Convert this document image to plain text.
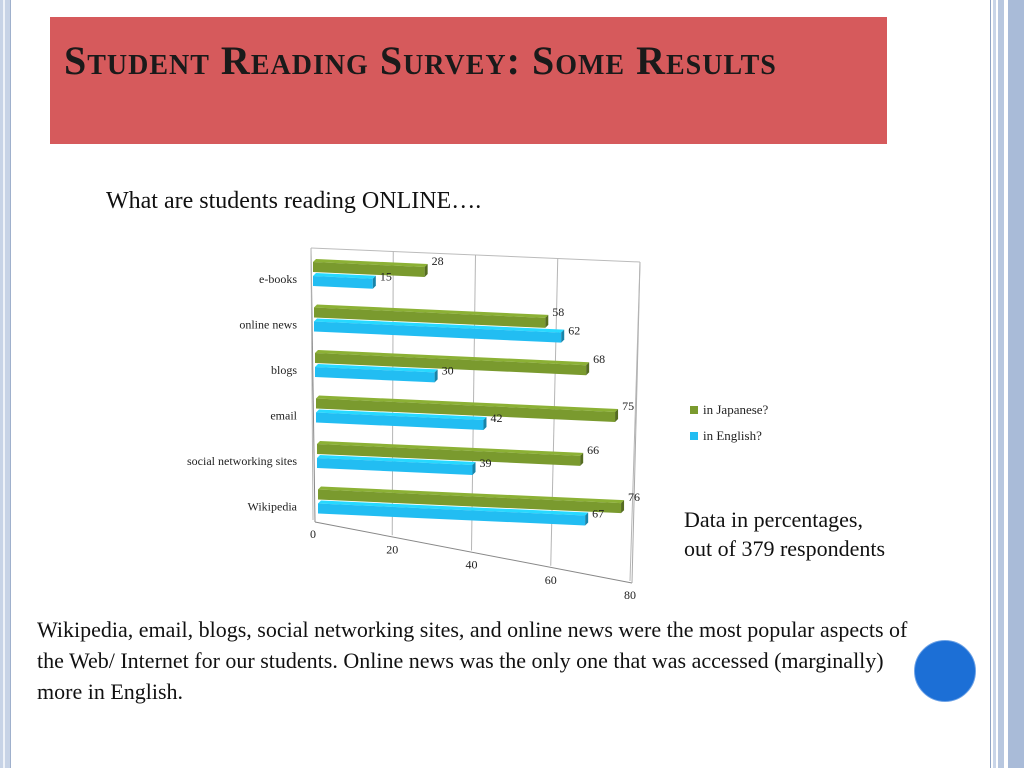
Student Reading Survey: Some Results
What are students reading ONLINE….
0
20
40
60
80
e-books
28
15
online news
58
62
blogs
68
30
email
75
42
social networking sites
66
39
Wikipedia
76
67
in Japanese?
in English?
Data in percentages,
out of 379 respondents
Wikipedia, email, blogs, social networking sites, and online news were the most popular aspects of the Web/ Internet for our students. Online news was the only one that was accessed (marginally) more in English.
